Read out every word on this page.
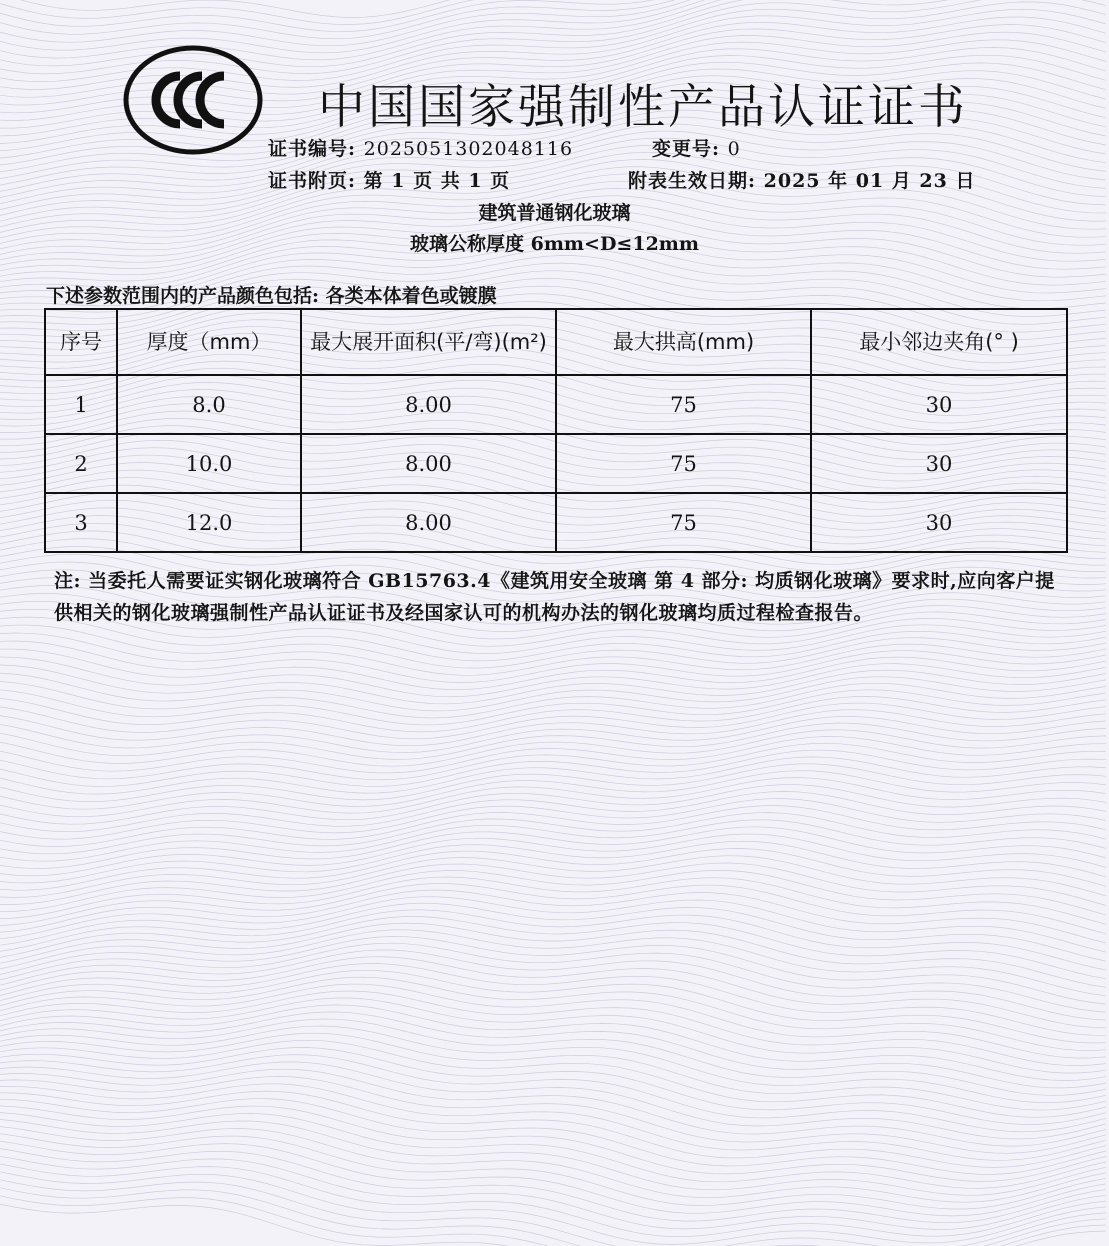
CCC	中国国家强制性产品认证证书
证书编号: 2025051302048116	变更号: 0
证书附页: 第 1 页 共 1 页	附表生效日期: 2025 年 01 月 23 日
建筑普通钢化玻璃
玻璃公称厚度 6mm<D≤12mm
下述参数范围内的产品颜色包括: 各类本体着色或镀膜
序号	厚度（mm）	最大展开面积(平/弯)(m²)	最大拱高(mm)	最小邻边夹角(° )
1	8.0	8.00	75	30
2	10.0	8.00	75	30
3	12.0	8.00	75	30
注: 当委托人需要证实钢化玻璃符合 GB15763.4《建筑用安全玻璃 第 4 部分: 均质钢化玻璃》要求时,应向客户提供相关的钢化玻璃强制性产品认证证书及经国家认可的机构办法的钢化玻璃均质过程检查报告。
